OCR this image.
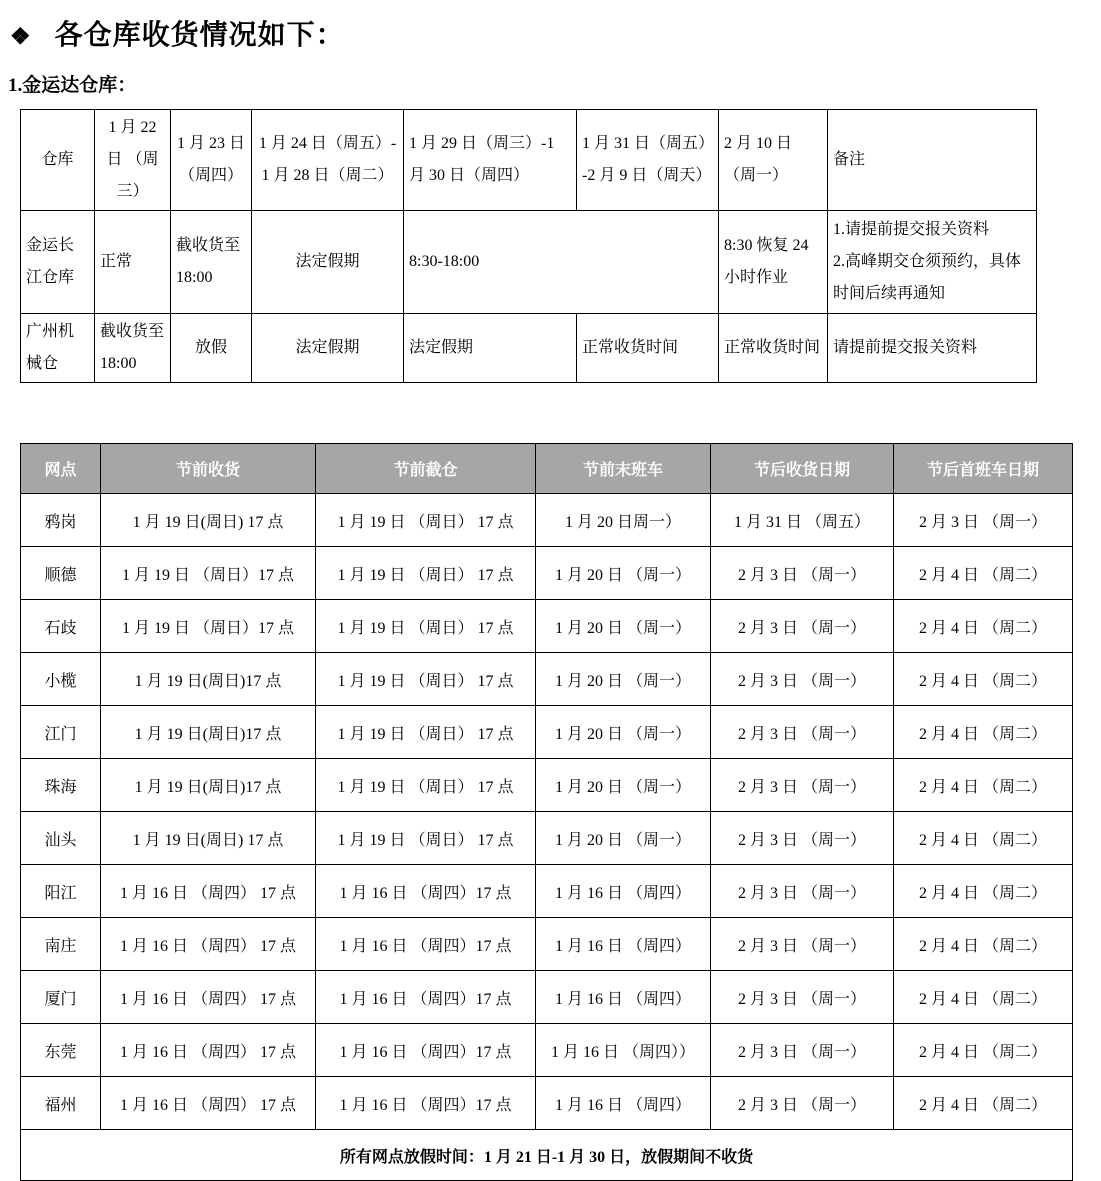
❖ 各仓库收货情况如下：
1.金运达仓库：
仓库	1 月 22 日 （周三）	1 月 23 日 （周四）	1 月 24 日（周五）- 1 月 28 日（周二）	1 月 29 日（周三）-1 月 30 日（周四）	1 月 31 日（周五）-2 月 9 日（周天）	2 月 10 日 （周一）	备注
金运长江仓库	正常	截收货至 18:00	法定假期	8:30-18:00		8:30 恢复 24 小时作业	1.请提前提交报关资料
2.高峰期交仓须预约，具体时间后续再通知

广州机械仓	截收货至 18:00	放假	法定假期	法定假期	正常收货时间	正常收货时间	请提前提交报关资料
网点	节前收货	节前截仓	节前末班车	节后收货日期	节后首班车日期
鸦岗	1 月 19 日(周日) 17 点	1 月 19 日 （周日） 17 点	1 月 20 日周一）	1 月 31 日 （周五）	2 月 3 日 （周一）
顺德	1 月 19 日 （周日）17 点	1 月 19 日 （周日） 17 点	1 月 20 日 （周一）	2 月 3 日 （周一）	2 月 4 日 （周二）
石歧	1 月 19 日 （周日）17 点	1 月 19 日 （周日） 17 点	1 月 20 日 （周一）	2 月 3 日 （周一）	2 月 4 日 （周二）
小榄	1 月 19 日(周日)17 点	1 月 19 日 （周日） 17 点	1 月 20 日 （周一）	2 月 3 日 （周一）	2 月 4 日 （周二）
江门	1 月 19 日(周日)17 点	1 月 19 日 （周日） 17 点	1 月 20 日 （周一）	2 月 3 日 （周一）	2 月 4 日 （周二）
珠海	1 月 19 日(周日)17 点	1 月 19 日 （周日） 17 点	1 月 20 日 （周一）	2 月 3 日 （周一）	2 月 4 日 （周二）
汕头	1 月 19 日(周日) 17 点	1 月 19 日 （周日） 17 点	1 月 20 日 （周一）	2 月 3 日 （周一）	2 月 4 日 （周二）
阳江	1 月 16 日 （周四） 17 点	1 月 16 日 （周四）17 点	1 月 16 日 （周四）	2 月 3 日 （周一）	2 月 4 日 （周二）
南庄	1 月 16 日 （周四） 17 点	1 月 16 日 （周四）17 点	1 月 16 日 （周四）	2 月 3 日 （周一）	2 月 4 日 （周二）
厦门	1 月 16 日 （周四） 17 点	1 月 16 日 （周四）17 点	1 月 16 日 （周四）	2 月 3 日 （周一）	2 月 4 日 （周二）
东莞	1 月 16 日 （周四） 17 点	1 月 16 日 （周四）17 点	1 月 16 日 （周四））	2 月 3 日 （周一）	2 月 4 日 （周二）
福州	1 月 16 日 （周四） 17 点	1 月 16 日 （周四）17 点	1 月 16 日 （周四）	2 月 3 日 （周一）	2 月 4 日 （周二）
所有网点放假时间：1 月 21 日-1 月 30 日，放假期间不收货					
